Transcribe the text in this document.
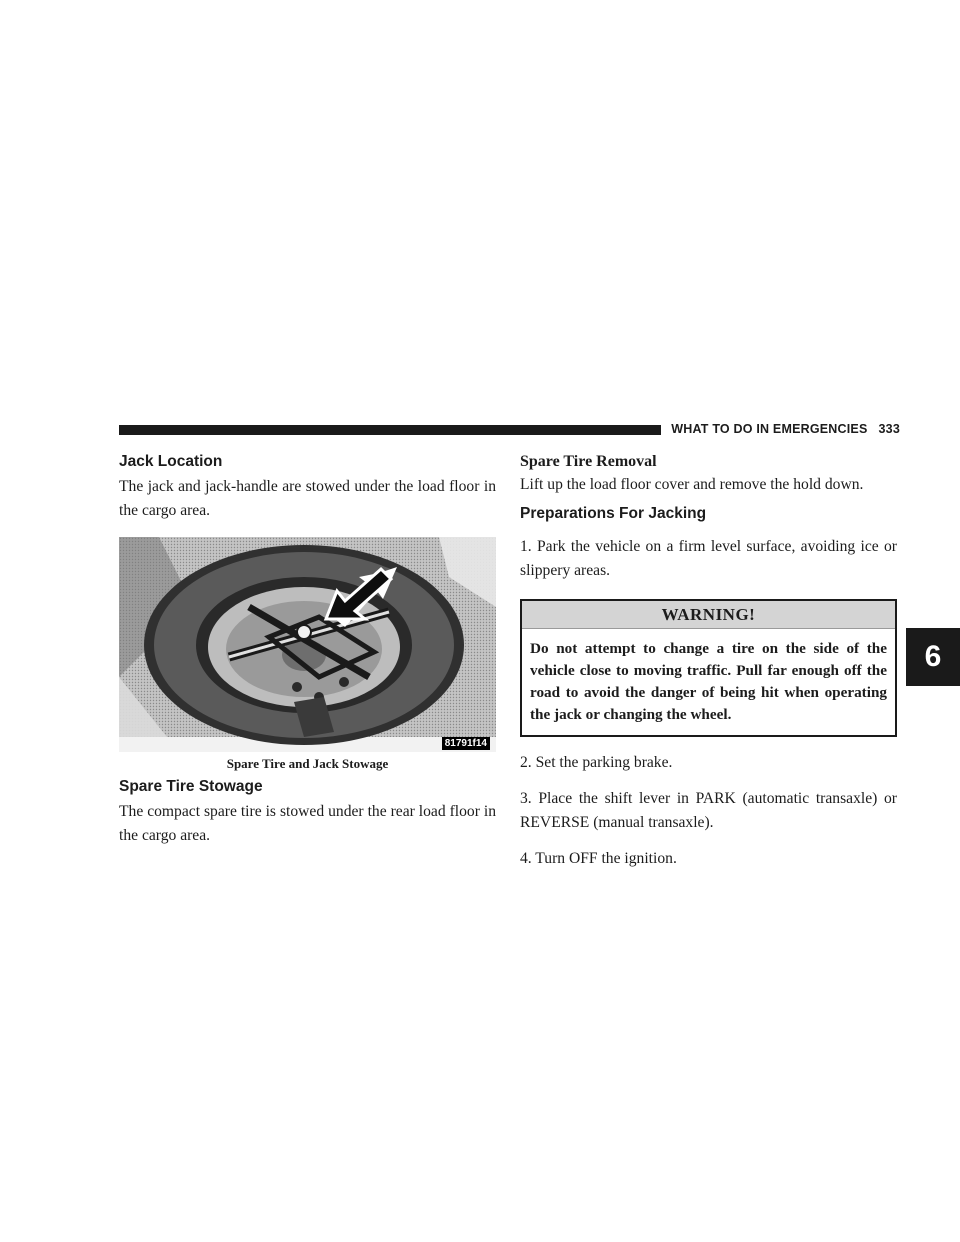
WHAT TO DO IN EMERGENCIES 333
Jack Location

The jack and jack-handle are stowed under the load floor in the cargo area.

81791f14
Spare Tire and Jack Stowage
Spare Tire Stowage

The compact spare tire is stowed under the rear load floor in the cargo area.

Spare Tire Removal

Lift up the load floor cover and remove the hold down.

Preparations For Jacking

1. Park the vehicle on a firm level surface, avoiding ice or slippery areas.

WARNING!
Do not attempt to change a tire on the side of the vehicle close to moving traffic. Pull far enough off the road to avoid the danger of being hit when operating the jack or changing the wheel.

2. Set the parking brake.

3. Place the shift lever in PARK (automatic transaxle) or REVERSE (manual transaxle).

4. Turn OFF the ignition.

6
